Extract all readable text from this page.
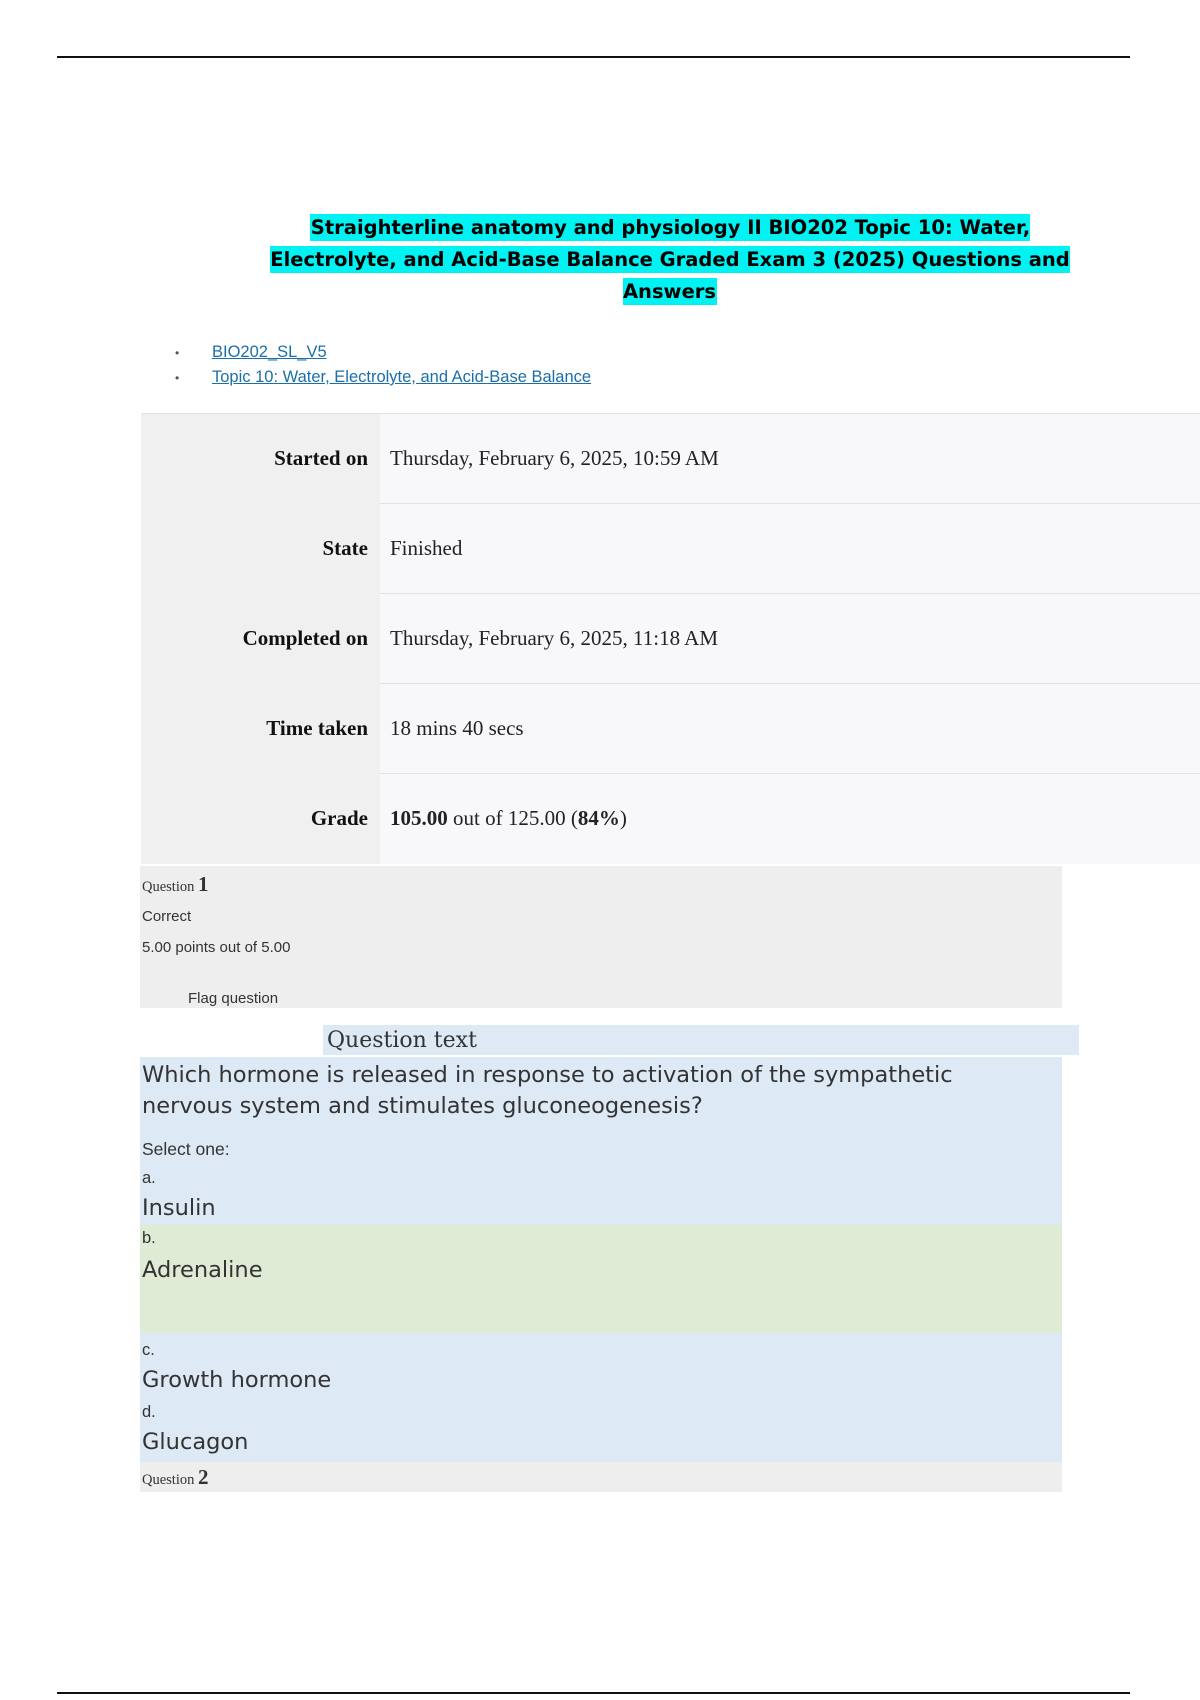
Straighterline anatomy and physiology II BIO202 Topic 10: Water, Electrolyte, and Acid-Base Balance Graded Exam 3 (2025) Questions and Answers
• BIO202_SL_V5
• Topic 10: Water, Electrolyte, and Acid-Base Balance
Started on	Thursday, February 6, 2025, 10:59 AM
State	Finished
Completed on	Thursday, February 6, 2025, 11:18 AM
Time taken	18 mins 40 secs
Grade	105.00 out of 125.00 (84%)
Question 1
Correct
5.00 points out of 5.00
Flag question
Question text
Which hormone is released in response to activation of the sympathetic nervous system and stimulates gluconeogenesis?
Select one:
a.
Insulin
b.
Adrenaline
c.
Growth hormone
d.
Glucagon
Question 2
